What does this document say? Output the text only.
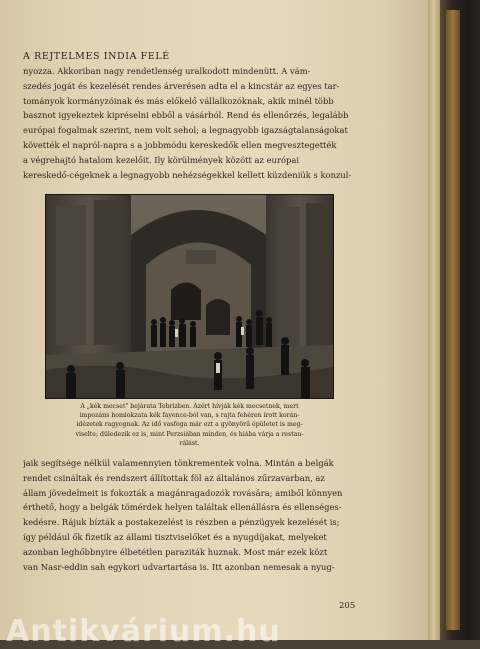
A REJTELMES INDIA FELÉ
nyozza. Akkoriban nagy rendetlenség uralkodott mindenütt. A vám-
szedés jogát és kezelését rendes árverésen adta el a kincstár az egyes tar-
tományok kormányzóinak és más előkelő vállalkozóknak, akik minél több
basznot igyekeztek kipréselni ebből a vásárból. Rend és ellenőrzés, legalább
európai fogalmak szerint, nem volt sehol; a legnagyobb igazságtalanságokat
követték el napról-napra s a jobbmódu kereskedők ellen megvesztegették
a végrehajtó hatalom kezelőit. Ily körülmények között az európai
kereskedő-cégeknek a legnagyobb nehézségekkel kellett küzdeniük s konzul-
A „kék mecset" bejárata Tebrizben. Azért hívják kék mecsetnek, mert
impozáns homlokzata kék fayence-ból van, s rajta fehéren írott korán-
idézetek ragyognak. Az idő vasfoga már ezt a gyönyörű épületet is meg-
viselte; düledezik ez is, mint Perzsiában minden, és hiába várja a restau-
rálást.
jaik segítsége nélkül valamennyien tönkrementek volna. Mintán a belgák
rendet csináltak és rendszert állítottak föl az általános zűrzavarban, az
állam jövedelmeit is fokozták a magánragadozók rovására; amiből könnyen
érthető, hogy a belgák tömérdek helyen találtak ellenállásra és ellenséges-
kedésre. Rájuk bízták a postakezelést is részben a pénzügyek kezelését is;
így például ők fizetik az állami tisztviselőket és a nyugdíjakat, melyeket
azonban leghőbbnyire élbetétlen paraziták huznak. Most már ezek közt
van Nasr-eddin sah egykori udvartartása is. Itt azonban nemesak a nyug-
205
Antikvárium.hu
